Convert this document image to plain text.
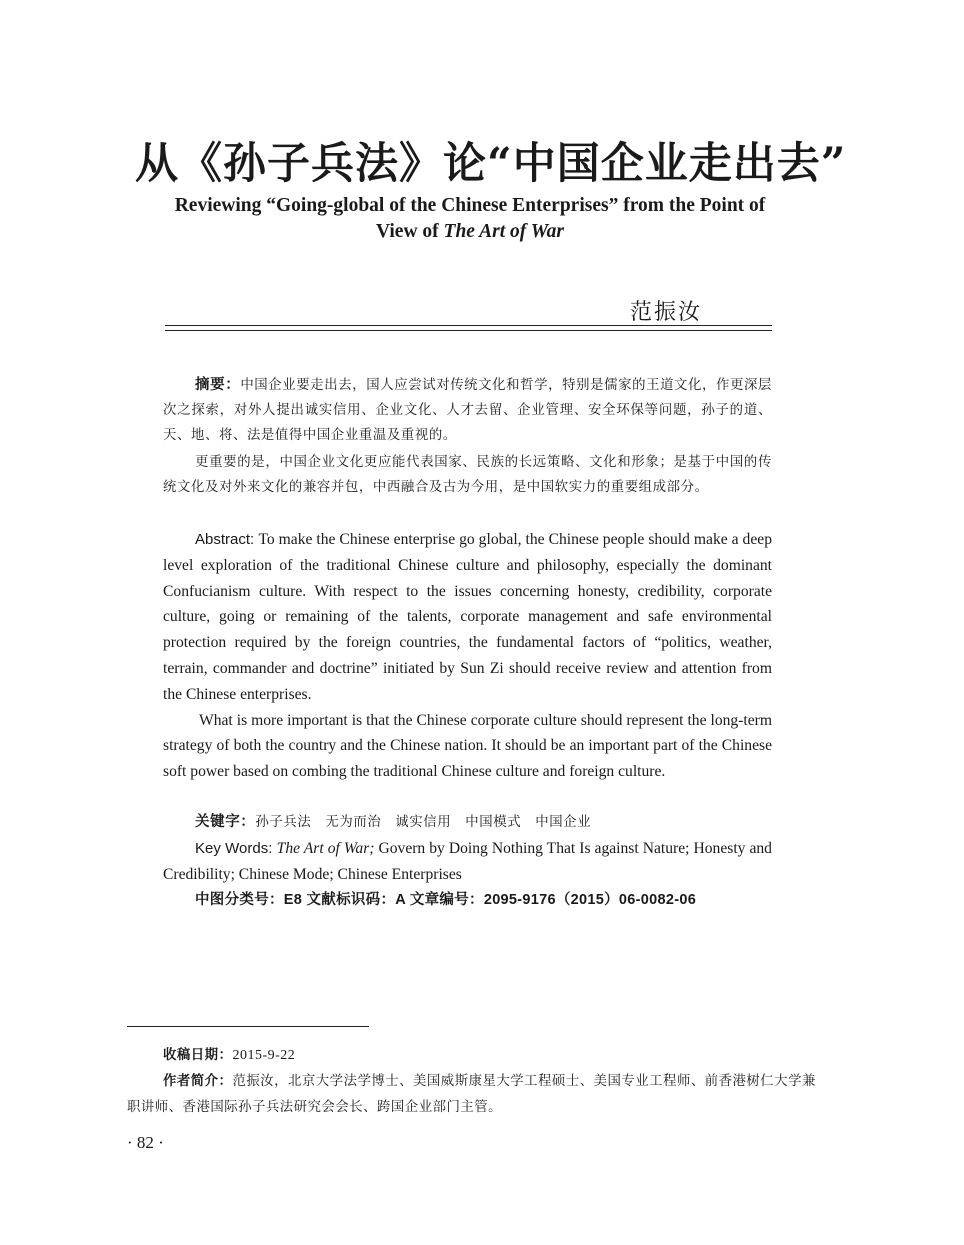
从《孙子兵法》论“中国企业走出去”
Reviewing “Going-global of the Chinese Enterprises” from the Point of
View of The Art of War
范振汝
摘要：中国企业要走出去，国人应尝试对传统文化和哲学，特别是儒家的王道文化，作更深层次之探索，对外人提出诚实信用、企业文化、人才去留、企业管理、安全环保等问题，孙子的道、天、地、将、法是值得中国企业重温及重视的。
更重要的是，中国企业文化更应能代表国家、民族的长远策略、文化和形象；是基于中国的传统文化及对外来文化的兼容并包，中西融合及古为今用，是中国软实力的重要组成部分。
Abstract: To make the Chinese enterprise go global, the Chinese people should make a deep level exploration of the traditional Chinese culture and philosophy, especially the dominant Confucianism culture. With respect to the issues concerning honesty, credibility, corporate culture, going or remaining of the talents, corporate management and safe environmental protection required by the foreign countries, the fundamental factors of “politics, weather, terrain, commander and doctrine” initiated by Sun Zi should receive review and attention from the Chinese enterprises.
What is more important is that the Chinese corporate culture should represent the long-term strategy of both the country and the Chinese nation. It should be an important part of the Chinese soft power based on combing the traditional Chinese culture and foreign culture.
关键字：孙子兵法　无为而治　诚实信用　中国模式　中国企业
Key Words: The Art of War; Govern by Doing Nothing That Is against Nature; Honesty and Credibility; Chinese Mode; Chinese Enterprises
中图分类号：E8 文献标识码：A 文章编号：2095-9176（2015）06-0082-06
收稿日期：2015-9-22
作者简介：范振汝，北京大学法学博士、美国威斯康星大学工程硕士、美国专业工程师、前香港树仁大学兼职讲师、香港国际孙子兵法研究会会长、跨国企业部门主管。
· 82 ·
